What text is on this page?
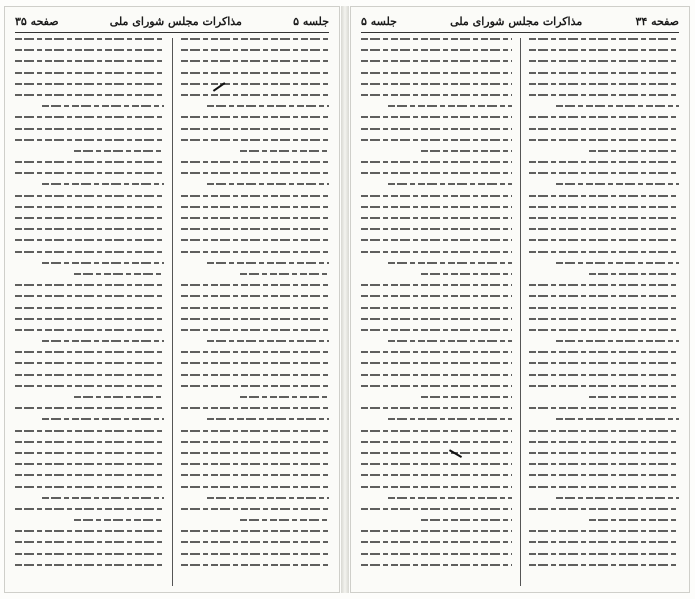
جلسه ۵
مذاکرات مجلس شورای ملی
صفحه ۳۵	صفحه ۳۴
مذاکرات مجلس شورای ملی
جلسه ۵
